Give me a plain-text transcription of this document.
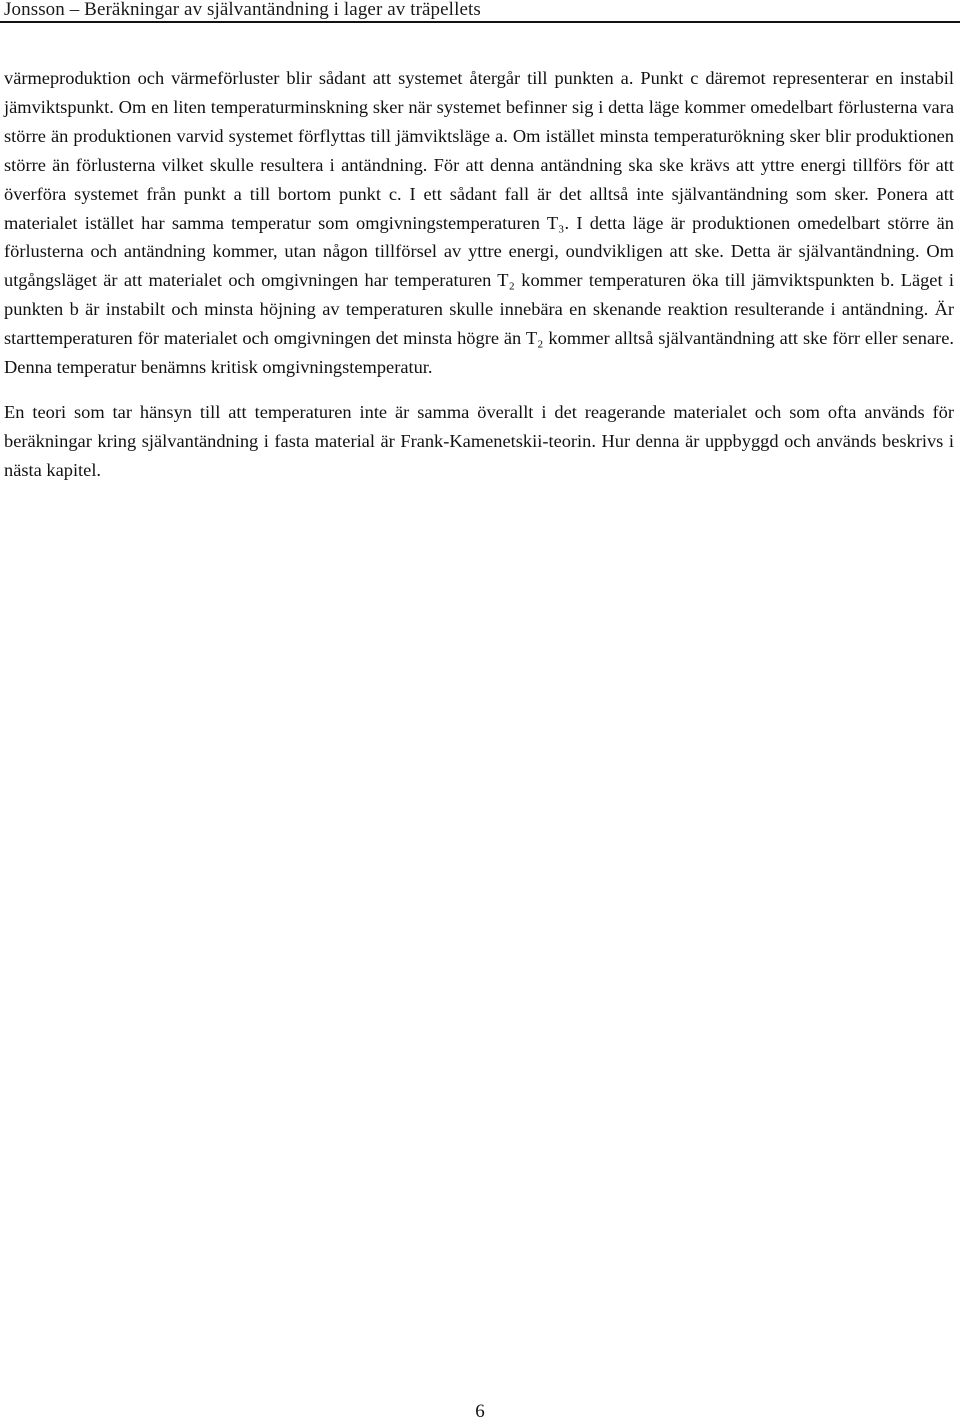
Jonsson – Beräkningar av självantändning i lager av träpellets

värmeproduktion och värmeförluster blir sådant att systemet återgår till punkten a. Punkt c däremot representerar en instabil jämviktspunkt. Om en liten temperaturminskning sker när systemet befinner sig i detta läge kommer omedelbart förlusterna vara större än produktionen varvid systemet förflyttas till jämviktsläge a. Om istället minsta temperaturökning sker blir produktionen större än förlusterna vilket skulle resultera i antändning. För att denna antändning ska ske krävs att yttre energi tillförs för att överföra systemet från punkt a till bortom punkt c. I ett sådant fall är det alltså inte självantändning som sker. Ponera att materialet istället har samma temperatur som omgivningstemperaturen T₃. I detta läge är produktionen omedelbart större än förlusterna och antändning kommer, utan någon tillförsel av yttre energi, oundvikligen att ske. Detta är självantändning. Om utgångsläget är att materialet och omgivningen har temperaturen T₂ kommer temperaturen öka till jämviktspunkten b. Läget i punkten b är instabilt och minsta höjning av temperaturen skulle innebära en skenande reaktion resulterande i antändning. Är starttemperaturen för materialet och omgivningen det minsta högre än T₂ kommer alltså självantändning att ske förr eller senare. Denna temperatur benämns kritisk omgivningstemperatur.

En teori som tar hänsyn till att temperaturen inte är samma överallt i det reagerande materialet och som ofta används för beräkningar kring självantändning i fasta material är Frank-Kamenetskii-teorin. Hur denna är uppbyggd och används beskrivs i nästa kapitel.

6
